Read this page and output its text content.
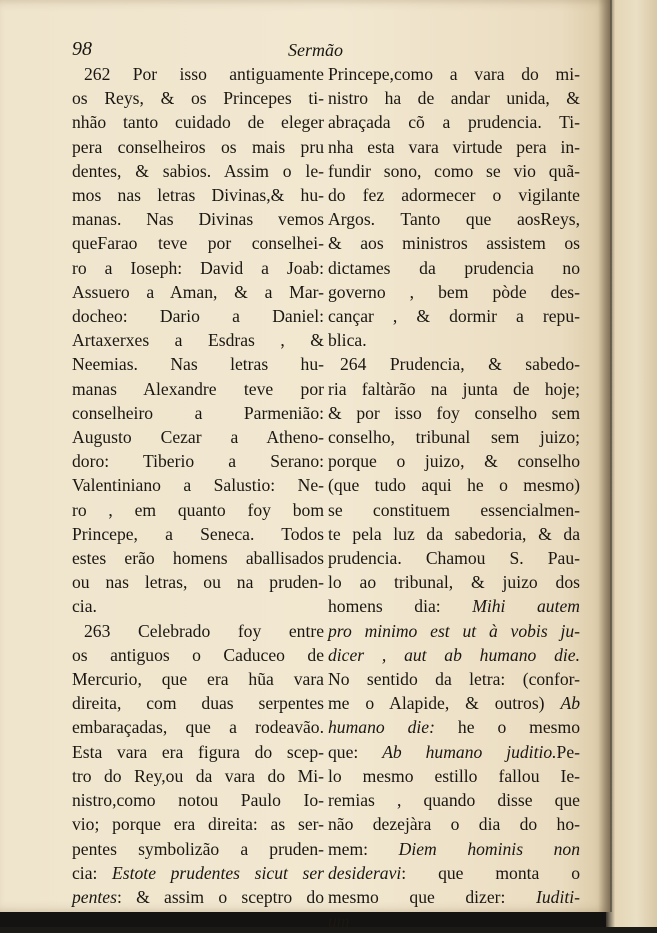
98	Sermão
262 Por isso antiguamente
os Reys, & os Princepes ti-
nhão tanto cuidado de eleger
pera conselheiros os mais pru
dentes, & sabios. Assim o le-
mos nas letras Divinas,& hu-
manas. Nas Divinas vemos
queFarao teve por conselhei-
ro a Ioseph: David a Joab:
Assuero a Aman, & a Mar-
docheo: Dario a Daniel:
Artaxerxes a Esdras , &
Neemias. Nas letras hu-
manas Alexandre teve por
conselheiro a Parmenião:
Augusto Cezar a Atheno-
doro: Tiberio a Serano:
Valentiniano a Salustio: Ne-
ro , em quanto foy bom
Princepe, a Seneca. Todos
estes erão homens aballisados
ou nas letras, ou na pruden-
cia.
263 Celebrado foy entre
os antiguos o Caduceo de
Mercurio, que era hũa vara
direita, com duas serpentes
embaraçadas, que a rodeavão.
Esta vara era figura do scep-
tro do Rey,ou da vara do Mi-
nistro,como notou Paulo Io-
vio; porque era direita: as ser-
pentes symbolizão a pruden-
cia: Estote prudentes sicut ser
pentes: & assim o sceptro do
Princepe,como a vara do mi-
nistro ha de andar unida, &
abraçada cõ a prudencia. Ti-
nha esta vara virtude pera in-
fundir sono, como se vio quã-
do fez adormecer o vigilante
Argos. Tanto que aosReys,
& aos ministros assistem os
dictames da prudencia no
governo , bem pòde des-
cançar , & dormir a repu-
blica.
264 Prudencia, & sabedo-
ria faltàrão na junta de hoje;
& por isso foy conselho sem
conselho, tribunal sem juizo;
porque o juizo, & conselho
(que tudo aqui he o mesmo)
se constituem essencialmen-
te pela luz da sabedoria, & da
prudencia. Chamou S. Pau-
lo ao tribunal, & juizo dos
homens dia: Mihi autem
pro minimo est ut à vobis ju-
dicer , aut ab humano die.
No sentido da letra: (confor-
me o Alapide, & outros) Ab
humano die: he o mesmo
que: Ab humano juditio.Pe-
lo mesmo estillo fallou Ie-
remias , quando disse que
não dezejàra o dia do ho-
mem: Diem hominis non
desideravi: que monta o
mesmo que dizer: Iuditi-
um
